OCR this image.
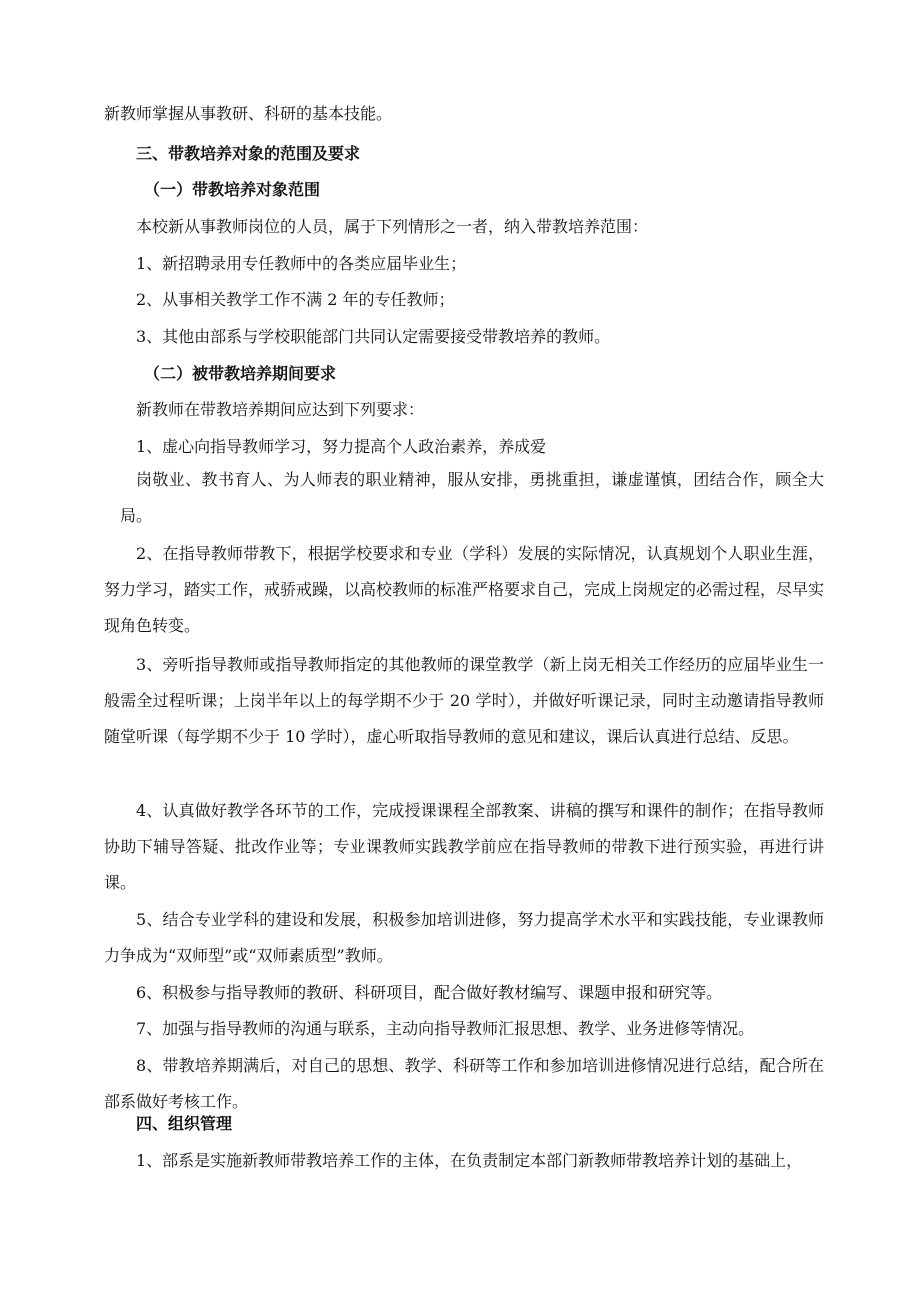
新教师掌握从事教研、科研的基本技能。
三、带教培养对象的范围及要求
（一）带教培养对象范围
本校新从事教师岗位的人员，属于下列情形之一者，纳入带教培养范围：
1、新招聘录用专任教师中的各类应届毕业生；
2、从事相关教学工作不满 2 年的专任教师；
3、其他由部系与学校职能部门共同认定需要接受带教培养的教师。
（二）被带教培养期间要求
新教师在带教培养期间应达到下列要求：
1、虚心向指导教师学习，努力提高个人政治素养，养成爱
岗敬业、教书育人、为人师表的职业精神，服从安排，勇挑重担，谦虚谨慎，团结合作，顾全大局。
2、在指导教师带教下，根据学校要求和专业（学科）发展的实际情况，认真规划个人职业生涯，努力学习，踏实工作，戒骄戒躁，以高校教师的标准严格要求自己，完成上岗规定的必需过程，尽早实现角色转变。
3、旁听指导教师或指导教师指定的其他教师的课堂教学（新上岗无相关工作经历的应届毕业生一般需全过程听课；上岗半年以上的每学期不少于 20 学时），并做好听课记录，同时主动邀请指导教师随堂听课（每学期不少于 10 学时），虚心听取指导教师的意见和建议，课后认真进行总结、反思。
4、认真做好教学各环节的工作，完成授课课程全部教案、讲稿的撰写和课件的制作；在指导教师协助下辅导答疑、批改作业等；专业课教师实践教学前应在指导教师的带教下进行预实验，再进行讲课。
5、结合专业学科的建设和发展，积极参加培训进修，努力提高学术水平和实践技能，专业课教师力争成为“双师型”或“双师素质型”教师。
6、积极参与指导教师的教研、科研项目，配合做好教材编写、课题申报和研究等。
7、加强与指导教师的沟通与联系，主动向指导教师汇报思想、教学、业务进修等情况。
8、带教培养期满后，对自己的思想、教学、科研等工作和参加培训进修情况进行总结，配合所在部系做好考核工作。
四、组织管理
1、部系是实施新教师带教培养工作的主体，在负责制定本部门新教师带教培养计划的基础上，
